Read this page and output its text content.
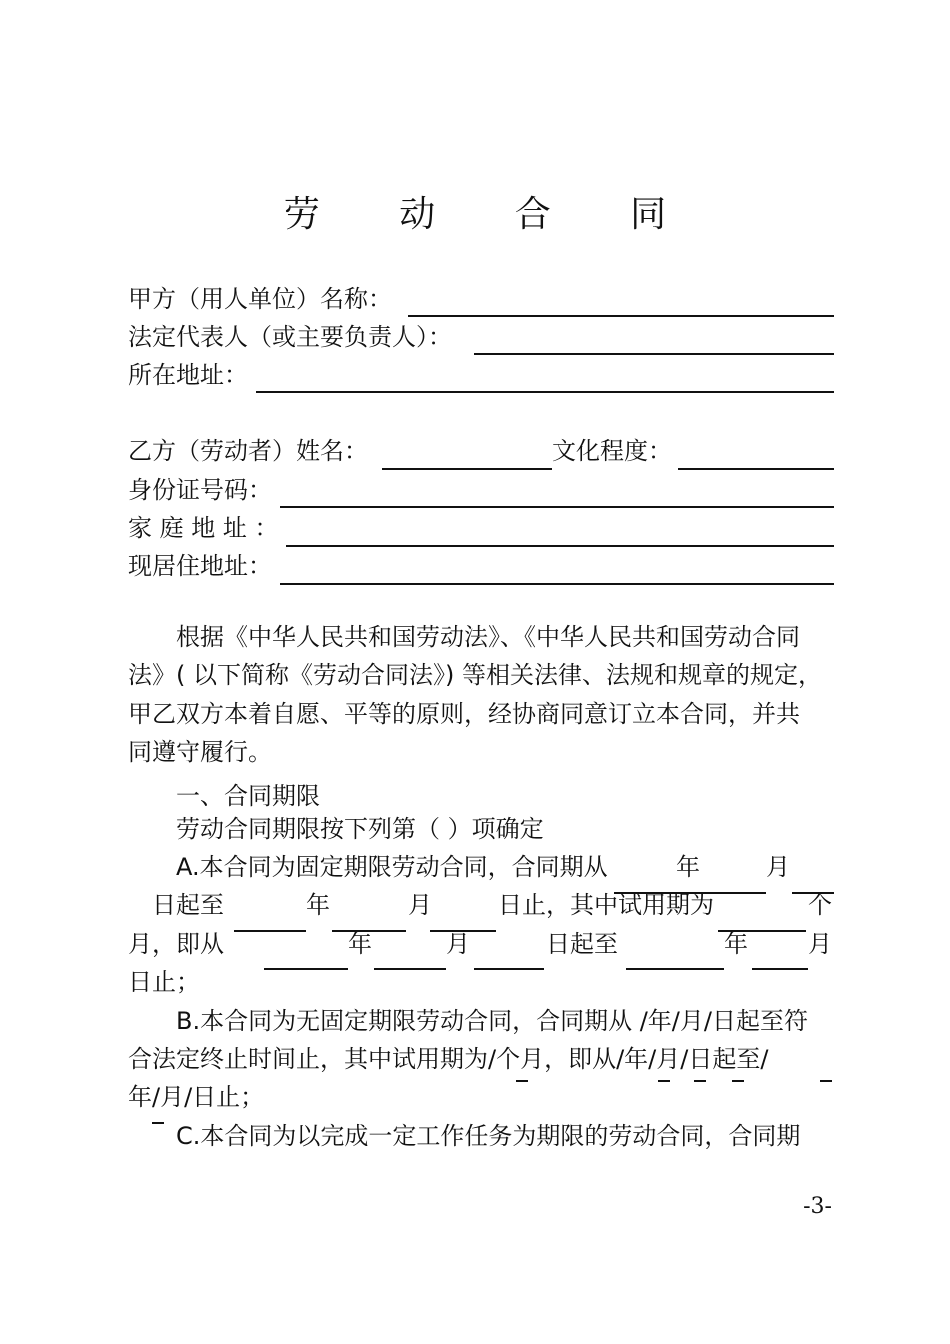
劳 动 合 同
甲方（用人单位）名称：
法定代表人（或主要负责人）：
所在地址：
乙方（劳动者）姓名：	文化程度：
身份证号码：
家 庭 地 址 ：
现居住地址：
根据《中华人民共和国劳动法》、《中华人民共和国劳动合同
法》( 以下简称《劳动合同法》) 等相关法律、法规和规章的规定，
甲乙双方本着自愿、平等的原则，经协商同意订立本合同，并共
同遵守履行。
一、合同期限
劳动合同期限按下列第（ ）项确定
A.本合同为固定期限劳动合同，合同期从	年	月
日起至	年	月	日止，其中试用期为	个
月，即从	年	月	日起至	年	月
日止；
B.本合同为无固定期限劳动合同，合同期从 /年/月/日起至符
合法定终止时间止，其中试用期为/个月，即从/年/月/日起至/
年/月/日止；
C.本合同为以完成一定工作任务为期限的劳动合同，合同期
-3-
